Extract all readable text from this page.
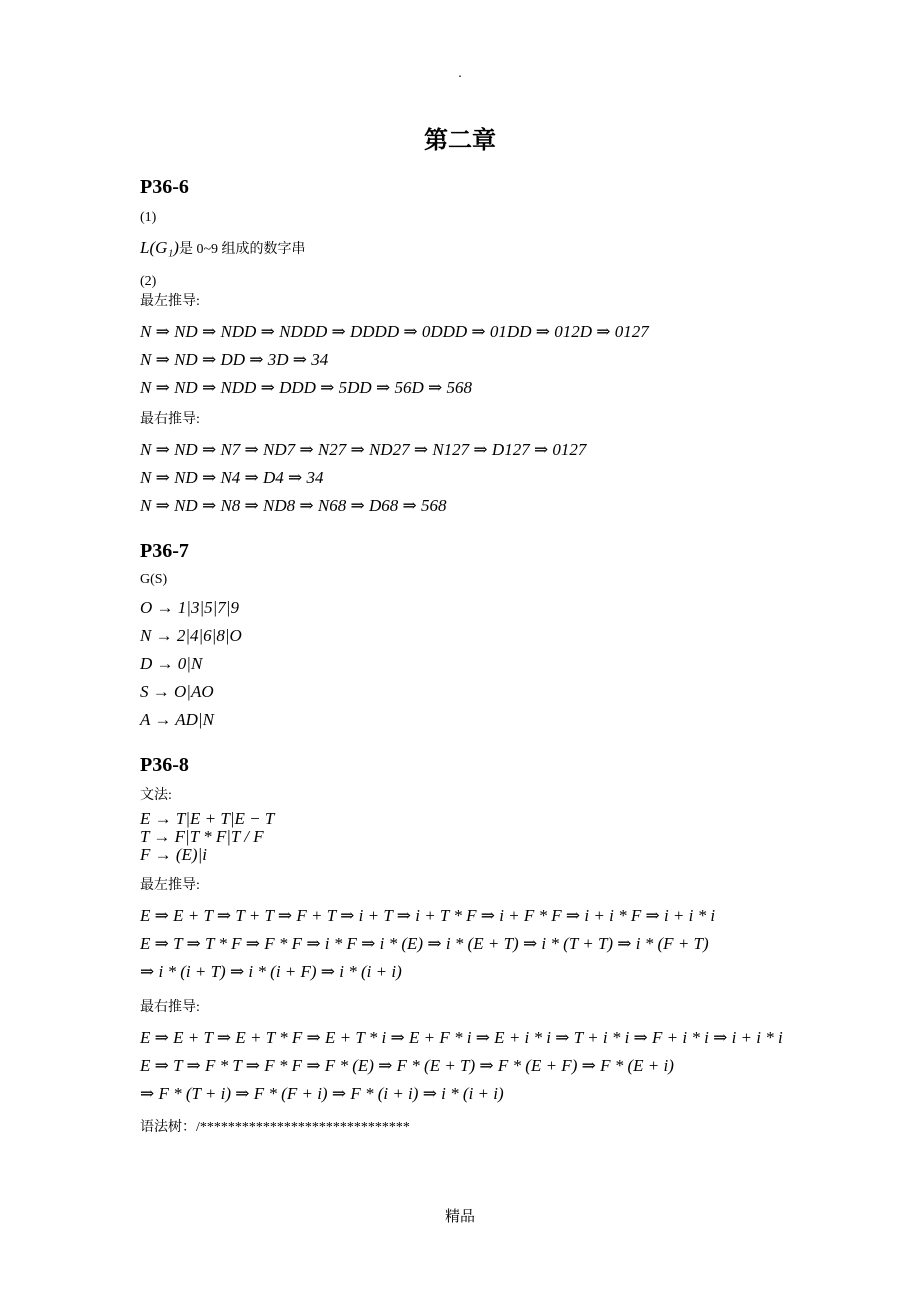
.
第二章
P36-6
(1)
L(G₁)是 0~9 组成的数字串
(2)
最左推导:
N ⇒ ND ⇒ NDD ⇒ NDDD ⇒ DDDD ⇒ 0DDD ⇒ 01DD ⇒ 012D ⇒ 0127
N ⇒ ND ⇒ DD ⇒ 3D ⇒ 34
N ⇒ ND ⇒ NDD ⇒ DDD ⇒ 5DD ⇒ 56D ⇒ 568
最右推导:
N ⇒ ND ⇒ N7 ⇒ ND7 ⇒ N27 ⇒ ND27 ⇒ N127 ⇒ D127 ⇒ 0127
N ⇒ ND ⇒ N4 ⇒ D4 ⇒ 34
N ⇒ ND ⇒ N8 ⇒ ND8 ⇒ N68 ⇒ D68 ⇒ 568
P36-7
G(S)
O → 1|3|5|7|9
N → 2|4|6|8|O
D → 0|N
S → O|AO
A → AD|N
P36-8
文法:
E → T|E + T|E − T
T → F|T * F|T / F
F → (E)|i
最左推导:
E ⇒ E + T ⇒ T + T ⇒ F + T ⇒ i + T ⇒ i + T * F ⇒ i + F * F ⇒ i + i * F ⇒ i + i * i
E ⇒ T ⇒ T * F ⇒ F * F ⇒ i * F ⇒ i * (E) ⇒ i * (E + T) ⇒ i * (T + T) ⇒ i * (F + T)
⇒ i * (i + T) ⇒ i * (i + F) ⇒ i * (i + i)
最右推导:
E ⇒ E + T ⇒ E + T * F ⇒ E + T * i ⇒ E + F * i ⇒ E + i * i ⇒ T + i * i ⇒ F + i * i ⇒ i + i * i
E ⇒ T ⇒ F * T ⇒ F * F ⇒ F * (E) ⇒ F * (E + T) ⇒ F * (E + F) ⇒ F * (E + i)
⇒ F * (T + i) ⇒ F * (F + i) ⇒ F * (i + i) ⇒ i * (i + i)
语法树：/******************************
精品
